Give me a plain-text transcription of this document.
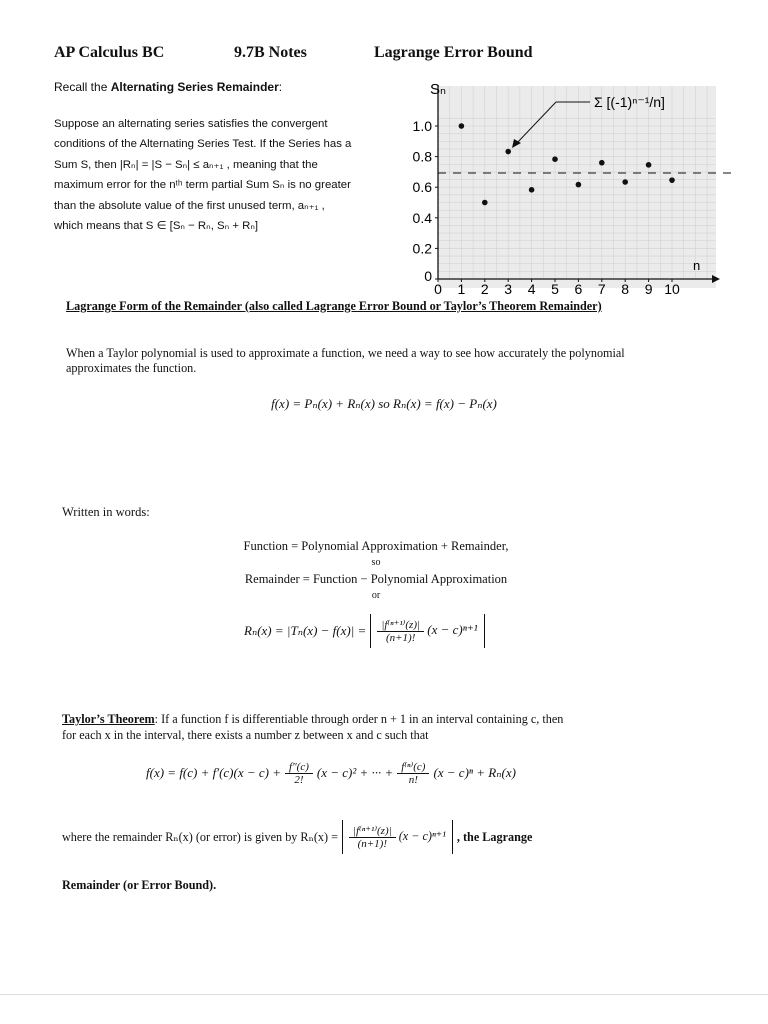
AP Calculus BC	9.7B Notes	Lagrange Error Bound
Recall the Alternating Series Remainder:
Suppose an alternating series satisfies the convergent
conditions of the Alternating Series Test. If the Series has a
Sum S, then |Rₙ| = |S − Sₙ| ≤ aₙ₊₁ , meaning that the
maximum error for the nᵗʰ term partial Sum Sₙ is no greater
than the absolute value of the first unused term, aₙ₊₁ ,
which means that S ∈ [Sₙ − Rₙ, Sₙ + Rₙ]
Sₙ
n
0
0.2
0.4
0.6
0.8
1.0
0 1 2 3 4 5 6 7 8 9 10
Σ [(-1)ⁿ⁻¹/n]
Lagrange Form of the Remainder (also called Lagrange Error Bound or Taylor’s Theorem Remainder)
When a Taylor polynomial is used to approximate a function, we need a way to see how accurately the polynomial approximates the function.
f(x) = Pₙ(x) + Rₙ(x) so Rₙ(x) = f(x) − Pₙ(x)
Written in words:
Function = Polynomial Approximation + Remainder,
so
Remainder = Function − Polynomial Approximation
or
$R_n(x) = |T_n(x) - f(x)| = \frac{\text{|f⁽ⁿ⁺¹⁾(z)|}}{(n+1)!} (x - c)^{n+1}$
Taylor’s Theorem: If a function f is differentiable through order n + 1 in an interval containing c, then
for each x in the interval, there exists a number z between x and c such that
$f(x) = f(c) + f'(c)(x - c) + \frac{f''(c)}{2!} (x - c)^2$ + ··· + $\frac{\text{f⁽ⁿ⁾(c)}}{n!} (x - c)^n + R_n(x)$
where the remainder Rₙ(x) (or error) is given by $R_n(x) = \frac{\text{|f⁽ⁿ⁺¹⁾(z)|}}{(n+1)!} (x - c)^{n+1}$ , the Lagrange
Remainder (or Error Bound).
